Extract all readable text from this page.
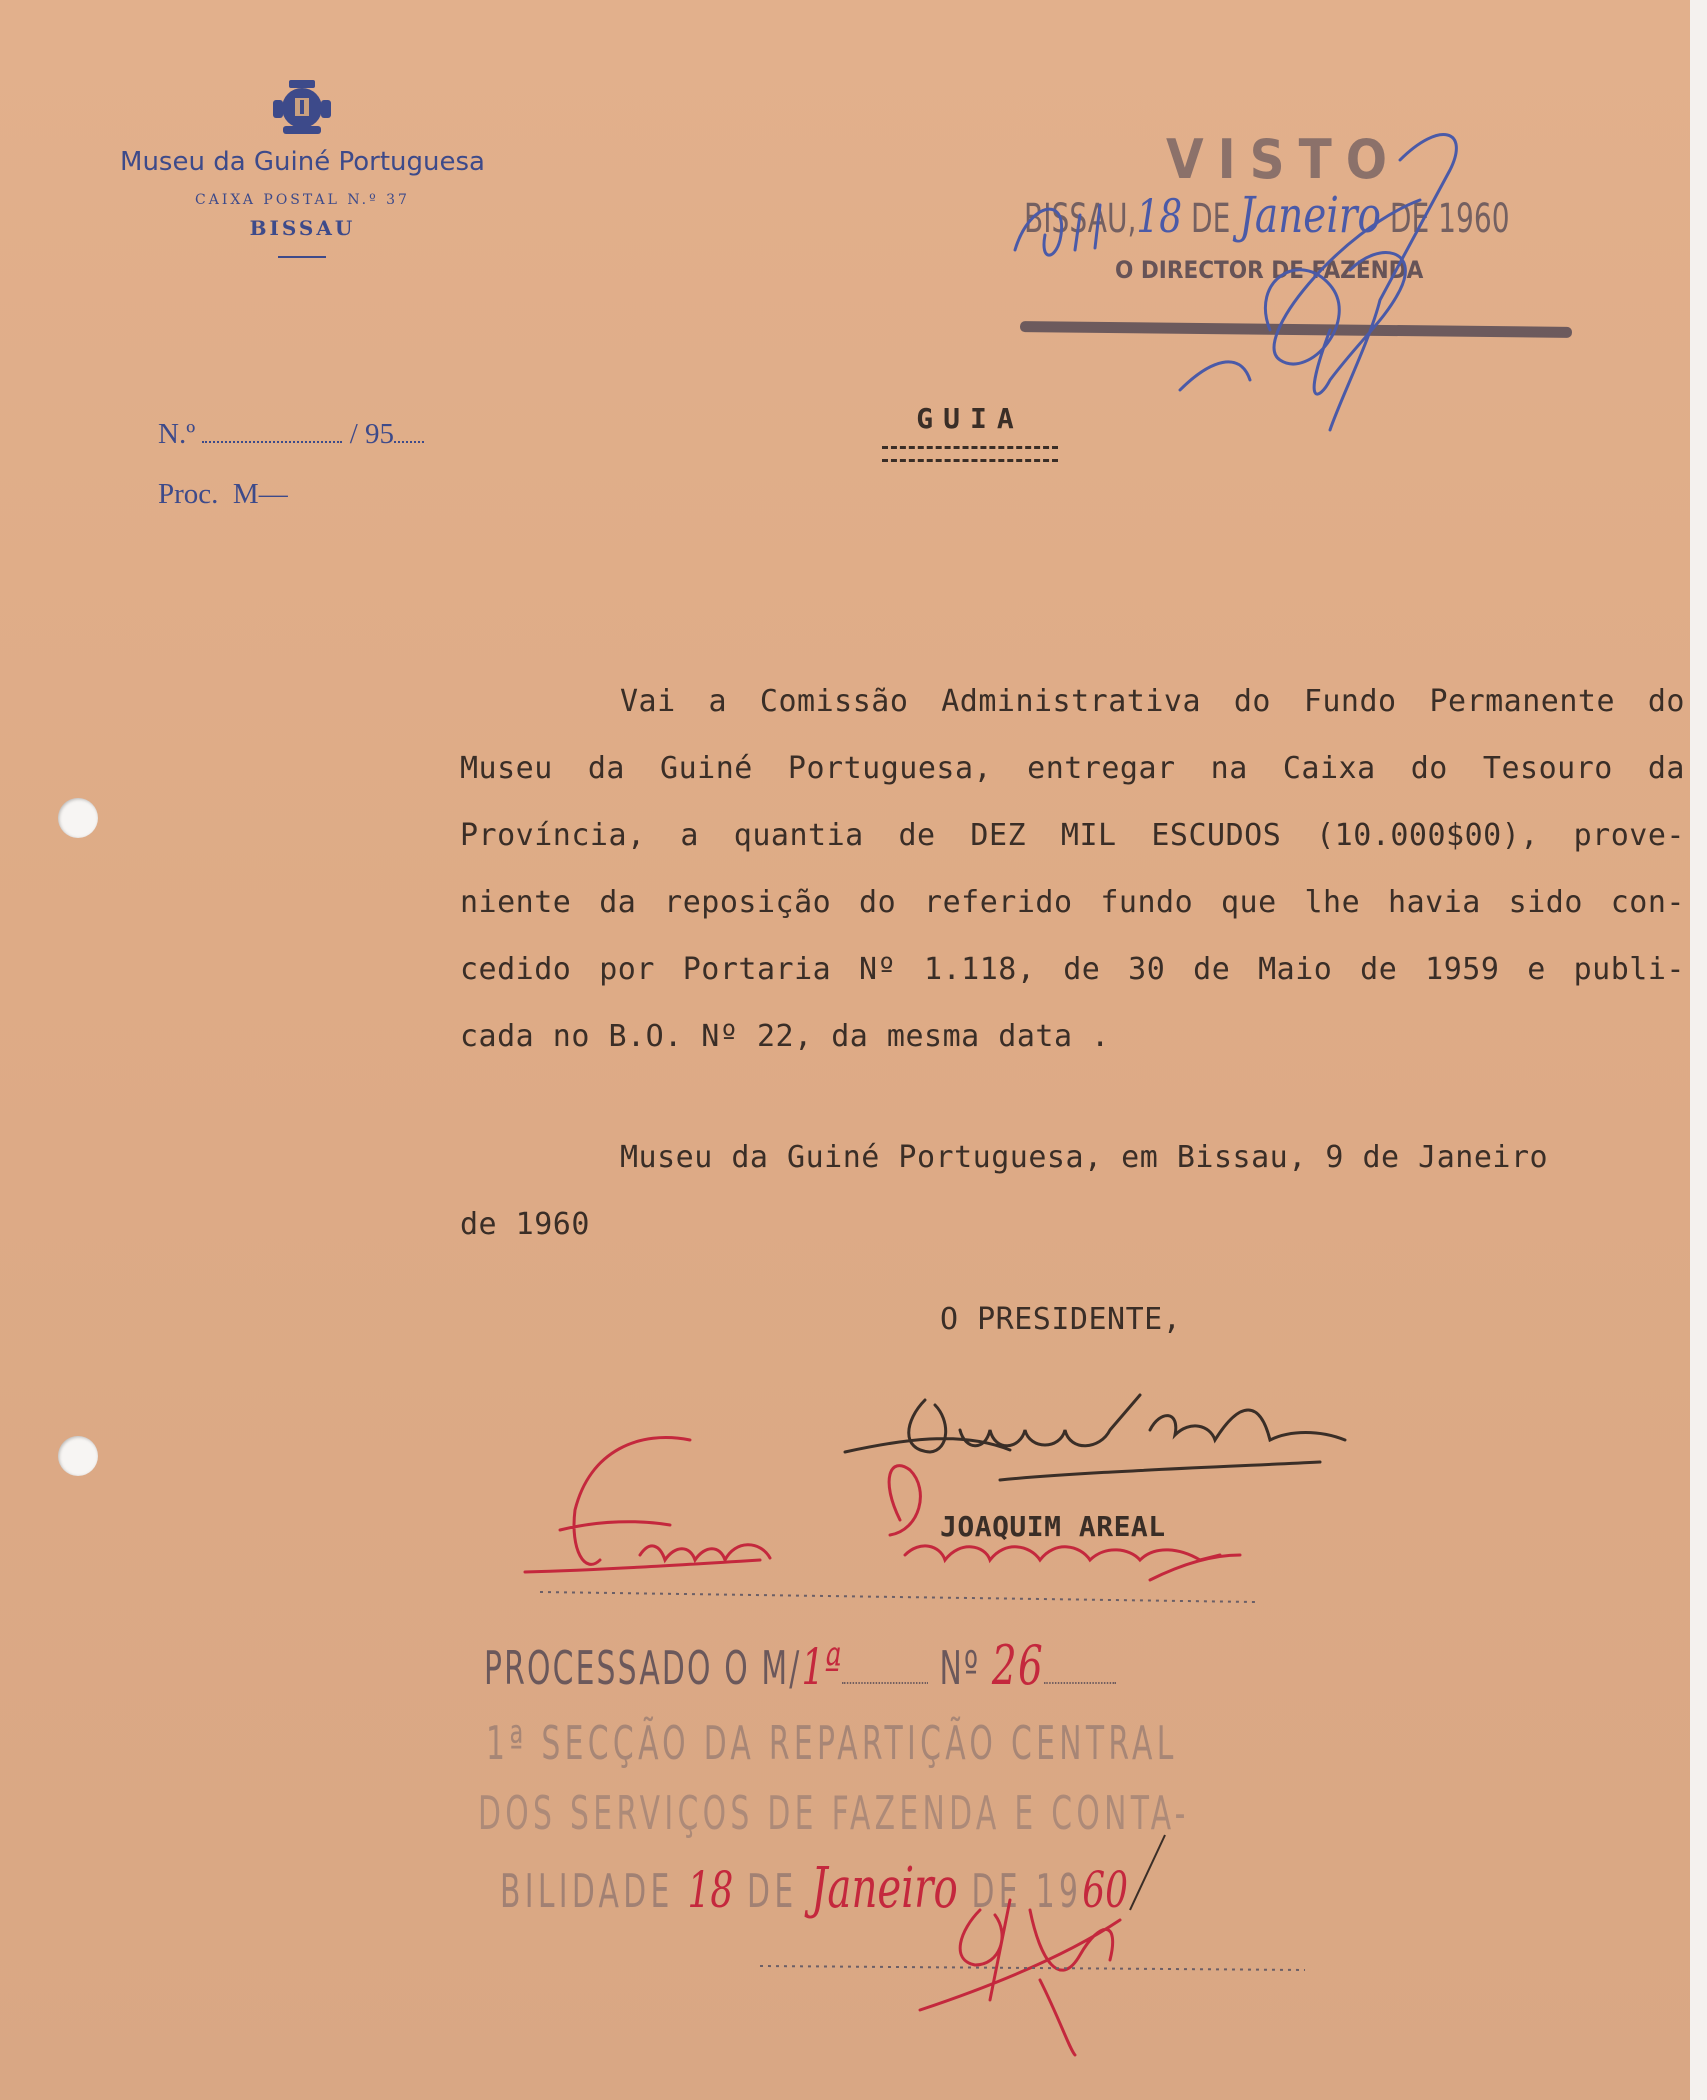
Museu da Guiné Portuguesa
CAIXA POSTAL N.º 37
BISSAU
N.º	/ 95
Proc. M—
VISTO
BISSAU,18 DE Janeiro DE 1960
O DIRECTOR DE FAZENDA
GUIA
Vai a Comissão Administrativa do Fundo Permanente do
Museu da Guiné Portuguesa, entregar na Caixa do Tesouro da
Província, a quantia de DEZ MIL ESCUDOS (10.000$00), prove-
niente da reposição do referido fundo que lhe havia sido con-
cedido por Portaria Nº 1.118, de 30 de Maio de 1959 e publi-
cada no B.O. Nº 22, da mesma data .
Museu da Guiné Portuguesa, em Bissau, 9 de Janeiro
de 1960
O PRESIDENTE,
JOAQUIM AREAL
PROCESSADO O M/1ª Nº 26
1ª SECÇÃO DA REPARTIÇÃO CENTRAL
DOS SERVIÇOS DE FAZENDA E CONTA-
BILIDADE 18 DE Janeiro DE 1960
